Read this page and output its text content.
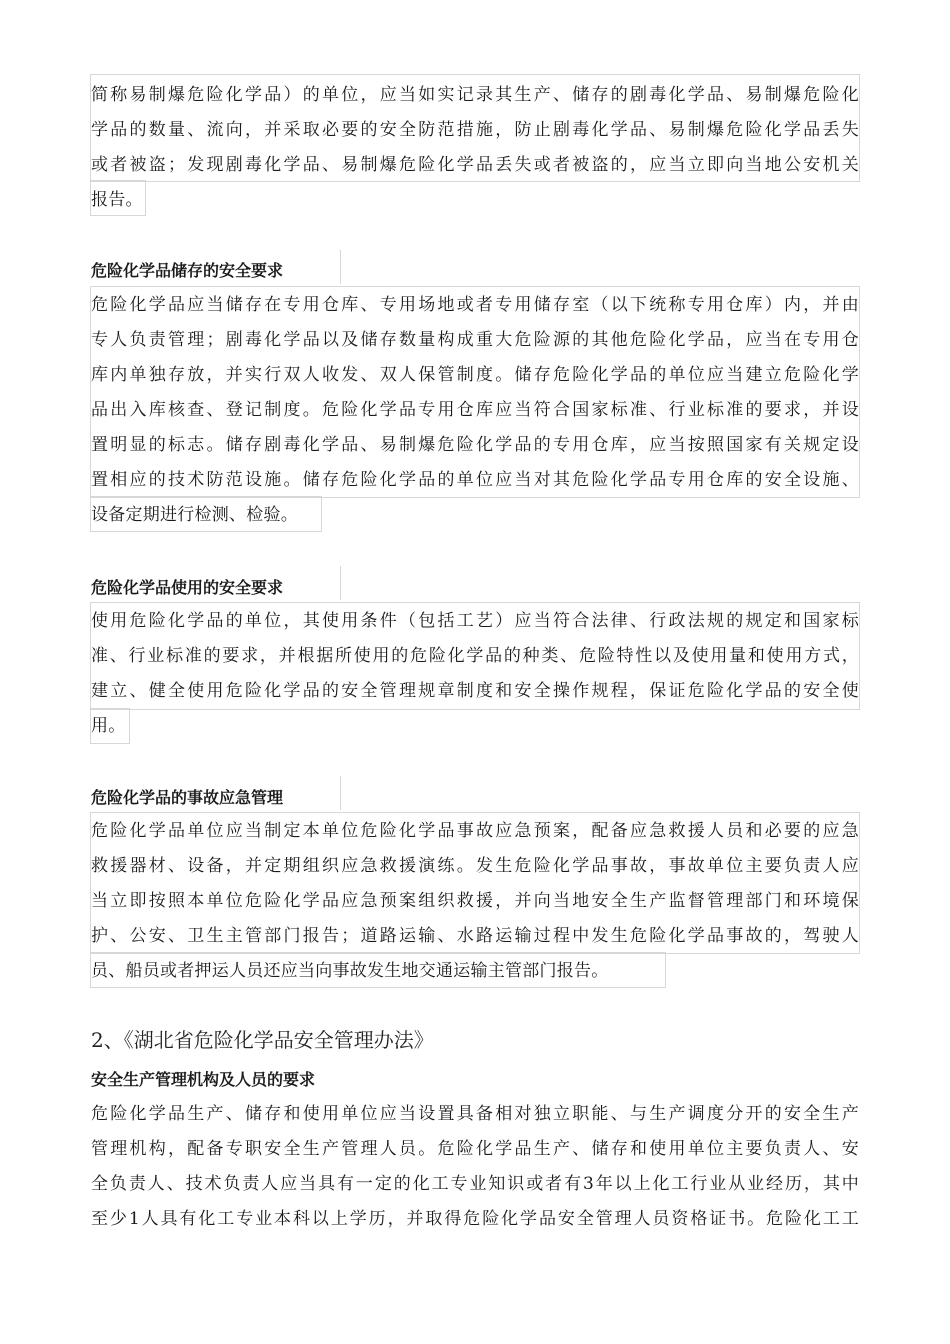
简称易制爆危险化学品）的单位，应当如实记录其生产、储存的剧毒化学品、易制爆危险化
学品的数量、流向，并采取必要的安全防范措施，防止剧毒化学品、易制爆危险化学品丢失
或者被盗；发现剧毒化学品、易制爆危险化学品丢失或者被盗的，应当立即向当地公安机关
报告。
危险化学品储存的安全要求
危险化学品应当储存在专用仓库、专用场地或者专用储存室（以下统称专用仓库）内，并由
专人负责管理；剧毒化学品以及储存数量构成重大危险源的其他危险化学品，应当在专用仓
库内单独存放，并实行双人收发、双人保管制度。储存危险化学品的单位应当建立危险化学
品出入库核查、登记制度。危险化学品专用仓库应当符合国家标准、行业标准的要求，并设
置明显的标志。储存剧毒化学品、易制爆危险化学品的专用仓库，应当按照国家有关规定设
置相应的技术防范设施。储存危险化学品的单位应当对其危险化学品专用仓库的安全设施、
设备定期进行检测、检验。
危险化学品使用的安全要求
使用危险化学品的单位，其使用条件（包括工艺）应当符合法律、行政法规的规定和国家标
准、行业标准的要求，并根据所使用的危险化学品的种类、危险特性以及使用量和使用方式，
建立、健全使用危险化学品的安全管理规章制度和安全操作规程，保证危险化学品的安全使
用。
危险化学品的事故应急管理
危险化学品单位应当制定本单位危险化学品事故应急预案，配备应急救援人员和必要的应急
救援器材、设备，并定期组织应急救援演练。发生危险化学品事故，事故单位主要负责人应
当立即按照本单位危险化学品应急预案组织救援，并向当地安全生产监督管理部门和环境保
护、公安、卫生主管部门报告；道路运输、水路运输过程中发生危险化学品事故的，驾驶人
员、船员或者押运人员还应当向事故发生地交通运输主管部门报告。
2、《湖北省危险化学品安全管理办法》
安全生产管理机构及人员的要求
危险化学品生产、储存和使用单位应当设置具备相对独立职能、与生产调度分开的安全生产
管理机构，配备专职安全生产管理人员。危险化学品生产、储存和使用单位主要负责人、安
全负责人、技术负责人应当具有一定的化工专业知识或者有3年以上化工行业从业经历，其中
至少1人具有化工专业本科以上学历，并取得危险化学品安全管理人员资格证书。危险化工工
